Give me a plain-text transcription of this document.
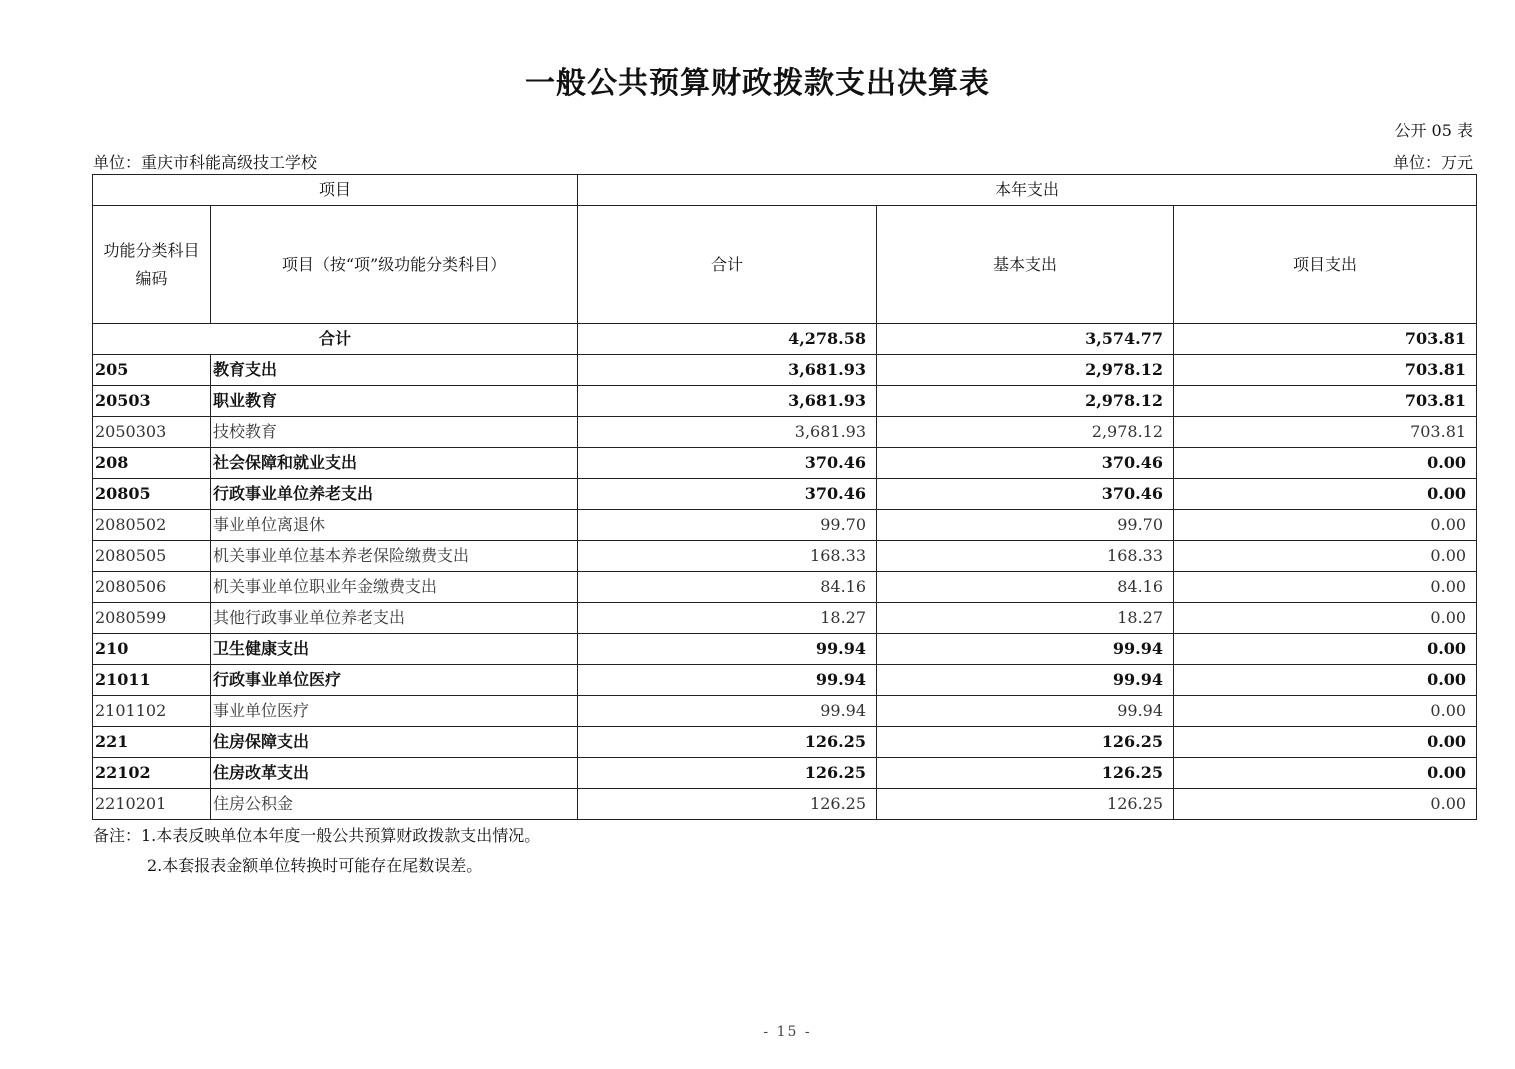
一般公共预算财政拨款支出决算表
公开 05 表
单位：重庆市科能高级技工学校	单位：万元
项目		本年支出		
功能分类科目编码	项目（按“项”级功能分类科目）	合计	基本支出	项目支出
合计		4,278.58	3,574.77	703.81
205	教育支出	3,681.93	2,978.12	703.81
20503	职业教育	3,681.93	2,978.12	703.81
2050303	技校教育	3,681.93	2,978.12	703.81
208	社会保障和就业支出	370.46	370.46	0.00
20805	行政事业单位养老支出	370.46	370.46	0.00
2080502	事业单位离退休	99.70	99.70	0.00
2080505	机关事业单位基本养老保险缴费支出	168.33	168.33	0.00
2080506	机关事业单位职业年金缴费支出	84.16	84.16	0.00
2080599	其他行政事业单位养老支出	18.27	18.27	0.00
210	卫生健康支出	99.94	99.94	0.00
21011	行政事业单位医疗	99.94	99.94	0.00
2101102	事业单位医疗	99.94	99.94	0.00
221	住房保障支出	126.25	126.25	0.00
22102	住房改革支出	126.25	126.25	0.00
2210201	住房公积金	126.25	126.25	0.00
备注：1.本表反映单位本年度一般公共预算财政拨款支出情况。
2.本套报表金额单位转换时可能存在尾数误差。
- 15 -
